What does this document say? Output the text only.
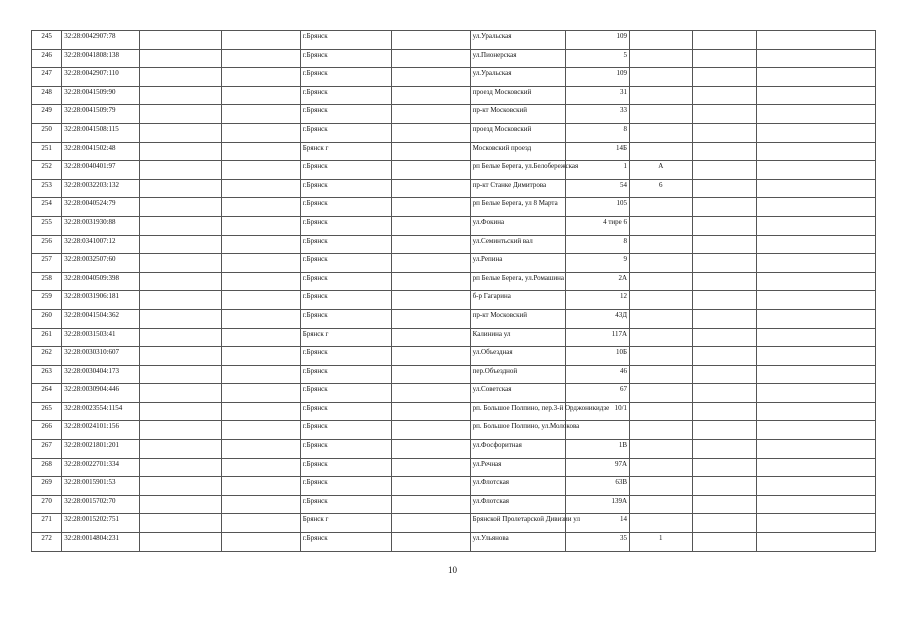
245	32:28:0042907:78			г.Брянск		ул.Уральская	109			
246	32:28:0041808:138			г.Брянск		ул.Пионерская	5			
247	32:28:0042907:110			г.Брянск		ул.Уральская	109			
248	32:28:0041509:90			г.Брянск		проезд Московский	31			
249	32:28:0041509:79			г.Брянск		пр-кт Московский	33			
250	32:28:0041508:115			г.Брянск		проезд Московский	8			
251	32:28:0041502:48			Брянск г		Московский проезд	14Б			
252	32:28:0040401:97			г.Брянск		рп Белые Берега, ул.Белобережская	1	А		
253	32:28:0032203:132			г.Брянск		пр-кт Станке Димитрова	54	6		
254	32:28:0040524:79			г.Брянск		рп Белые Берега, ул 8 Марта	105			
255	32:28:0031930:88			г.Брянск		ул.Фокина	4 тире 6			
256	32:28:0341007:12			г.Брянск		ул.Семинтьский вал	8			
257	32:28:0032507:60			г.Брянск		ул.Репина	9			
258	32:28:0040509:398			г.Брянск		рп Белые Берега, ул.Ромашина	2А			
259	32:28:0031906:181			г.Брянск		б-р Гагарина	12			
260	32:28:0041504:362			г.Брянск		пр-кт Московский	43Д			
261	32:28:0031503:41			Брянск г		Калинина ул	117А			
262	32:28:0030310:607			г.Брянск		ул.Объездная	10Б			
263	32:28:0030404:173			г.Брянск		пер.Объездной	46			
264	32:28:0030904:446			г.Брянск		ул.Советская	67			
265	32:28:0023554:1154			г.Брянск		рп. Большое Полпино, пер.3-й Орджоникидзе	10/1			
266	32:28:0024101:156			г.Брянск		рп. Большое Полпино, ул.Молокова				
267	32:28:0021801:201			г.Брянск		ул.Фосфоритная	1В			
268	32:28:0022701:334			г.Брянск		ул.Речная	97А			
269	32:28:0015901:53			г.Брянск		ул.Флотская	63В			
270	32:28:0015702:70			г.Брянск		ул.Флотская	139А			
271	32:28:0015202:751			Брянск г		Брянской Пролетарской Дивизии ул	14			
272	32:28:0014804:231			г.Брянск		ул.Ульянова	35	1		
10
